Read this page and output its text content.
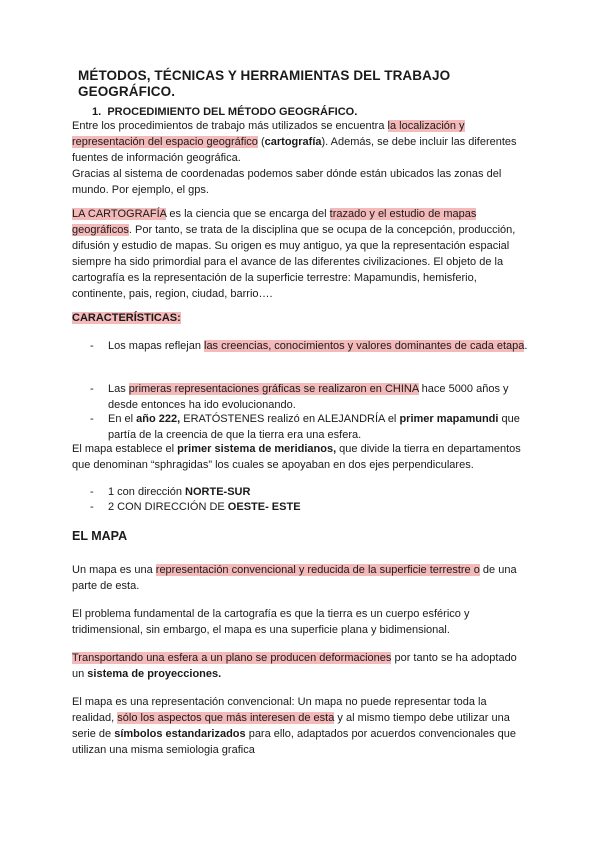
MÉTODOS, TÉCNICAS Y HERRAMIENTAS DEL TRABAJO GEOGRÁFICO.
1. PROCEDIMIENTO DEL MÉTODO GEOGRÁFICO.
Entre los procedimientos de trabajo más utilizados se encuentra la localización y representación del espacio geográfico (cartografía). Además, se debe incluir las diferentes fuentes de información geográfica.
Gracias al sistema de coordenadas podemos saber dónde están ubicados las zonas del mundo. Por ejemplo, el gps.
LA CARTOGRAFÍA es la ciencia que se encarga del trazado y el estudio de mapas geográficos. Por tanto, se trata de la disciplina que se ocupa de la concepción, producción, difusión y estudio de mapas. Su origen es muy antiguo, ya que la representación espacial siempre ha sido primordial para el avance de las diferentes civilizaciones. El objeto de la cartografía es la representación de la superficie terrestre: Mapamundis, hemisferio, continente, pais, region, ciudad, barrio….
CARACTERÍSTICAS:
- Los mapas reflejan las creencias, conocimientos y valores dominantes de cada etapa.
- Las primeras representaciones gráficas se realizaron en CHINA hace 5000 años y desde entonces ha ido evolucionando.
- En el año 222, ERATÓSTENES realizó en ALEJANDRÍA el primer mapamundi que partía de la creencia de que la tierra era una esfera.
El mapa establece el primer sistema de meridianos, que divide la tierra en departamentos que denominan “sphragidas” los cuales se apoyaban en dos ejes perpendiculares.
- 1 con dirección NORTE-SUR
- 2 CON DIRECCIÓN DE OESTE- ESTE
EL MAPA
Un mapa es una representación convencional y reducida de la superficie terrestre o de una parte de esta.
El problema fundamental de la cartografía es que la tierra es un cuerpo esférico y tridimensional, sin embargo, el mapa es una superficie plana y bidimensional.
Transportando una esfera a un plano se producen deformaciones por tanto se ha adoptado un sistema de proyecciones.
El mapa es una representación convencional: Un mapa no puede representar toda la realidad, sólo los aspectos que más interesen de esta y al mismo tiempo debe utilizar una serie de símbolos estandarizados para ello, adaptados por acuerdos convencionales que utilizan una misma semiologia grafica
